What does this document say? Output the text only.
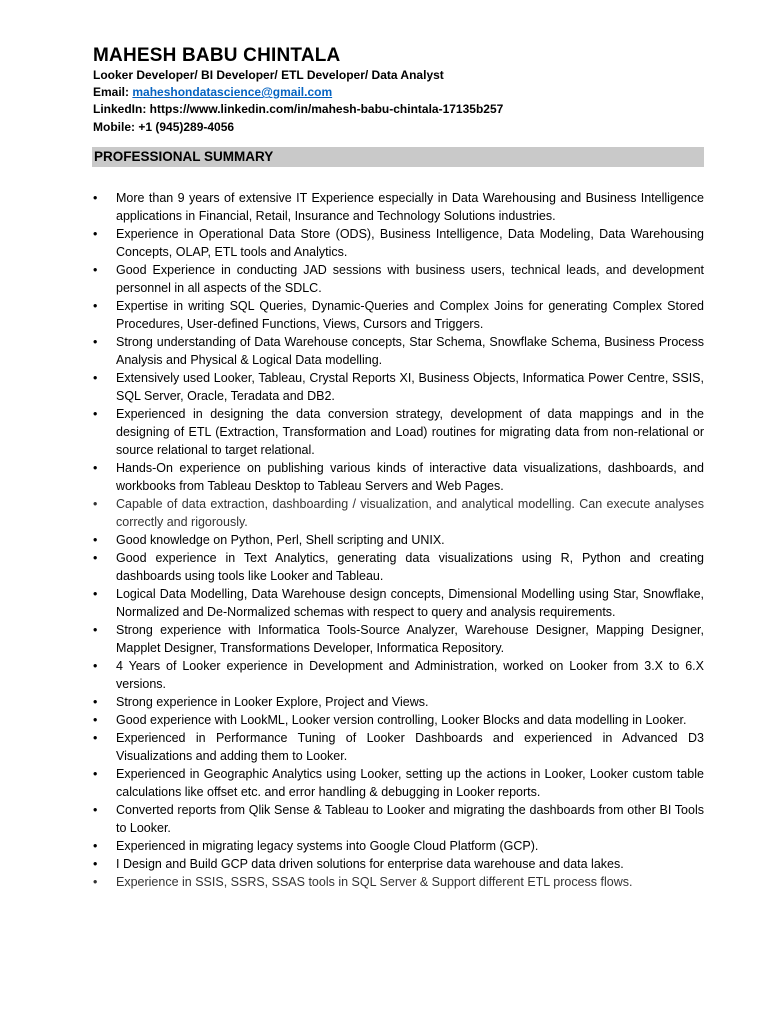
MAHESH BABU CHINTALA
Looker Developer/ BI Developer/ ETL Developer/ Data Analyst
Email: maheshondatascience@gmail.com
LinkedIn: https://www.linkedin.com/in/mahesh-babu-chintala-17135b257
Mobile: +1 (945)289-4056
PROFESSIONAL SUMMARY
• More than 9 years of extensive IT Experience especially in Data Warehousing and Business Intelligence applications in Financial, Retail, Insurance and Technology Solutions industries.
• Experience in Operational Data Store (ODS), Business Intelligence, Data Modeling, Data Warehousing Concepts, OLAP, ETL tools and Analytics.
• Good Experience in conducting JAD sessions with business users, technical leads, and development personnel in all aspects of the SDLC.
• Expertise in writing SQL Queries, Dynamic-Queries and Complex Joins for generating Complex Stored Procedures, User-defined Functions, Views, Cursors and Triggers.
• Strong understanding of Data Warehouse concepts, Star Schema, Snowflake Schema, Business Process Analysis and Physical & Logical Data modelling.
• Extensively used Looker, Tableau, Crystal Reports XI, Business Objects, Informatica Power Centre, SSIS, SQL Server, Oracle, Teradata and DB2.
• Experienced in designing the data conversion strategy, development of data mappings and in the designing of ETL (Extraction, Transformation and Load) routines for migrating data from non-relational or source relational to target relational.
• Hands-On experience on publishing various kinds of interactive data visualizations, dashboards, and workbooks from Tableau Desktop to Tableau Servers and Web Pages.
• Capable of data extraction, dashboarding / visualization, and analytical modelling. Can execute analyses correctly and rigorously.
• Good knowledge on Python, Perl, Shell scripting and UNIX.
• Good experience in Text Analytics, generating data visualizations using R, Python and creating dashboards using tools like Looker and Tableau.
• Logical Data Modelling, Data Warehouse design concepts, Dimensional Modelling using Star, Snowflake, Normalized and De-Normalized schemas with respect to query and analysis requirements.
• Strong experience with Informatica Tools-Source Analyzer, Warehouse Designer, Mapping Designer, Mapplet Designer, Transformations Developer, Informatica Repository.
• 4 Years of Looker experience in Development and Administration, worked on Looker from 3.X to 6.X versions.
• Strong experience in Looker Explore, Project and Views.
• Good experience with LookML, Looker version controlling, Looker Blocks and data modelling in Looker.
• Experienced in Performance Tuning of Looker Dashboards and experienced in Advanced D3 Visualizations and adding them to Looker.
• Experienced in Geographic Analytics using Looker, setting up the actions in Looker, Looker custom table calculations like offset etc. and error handling & debugging in Looker reports.
• Converted reports from Qlik Sense & Tableau to Looker and migrating the dashboards from other BI Tools to Looker.
• Experienced in migrating legacy systems into Google Cloud Platform (GCP).
• I Design and Build GCP data driven solutions for enterprise data warehouse and data lakes.
• Experience in SSIS, SSRS, SSAS tools in SQL Server & Support different ETL process flows.
